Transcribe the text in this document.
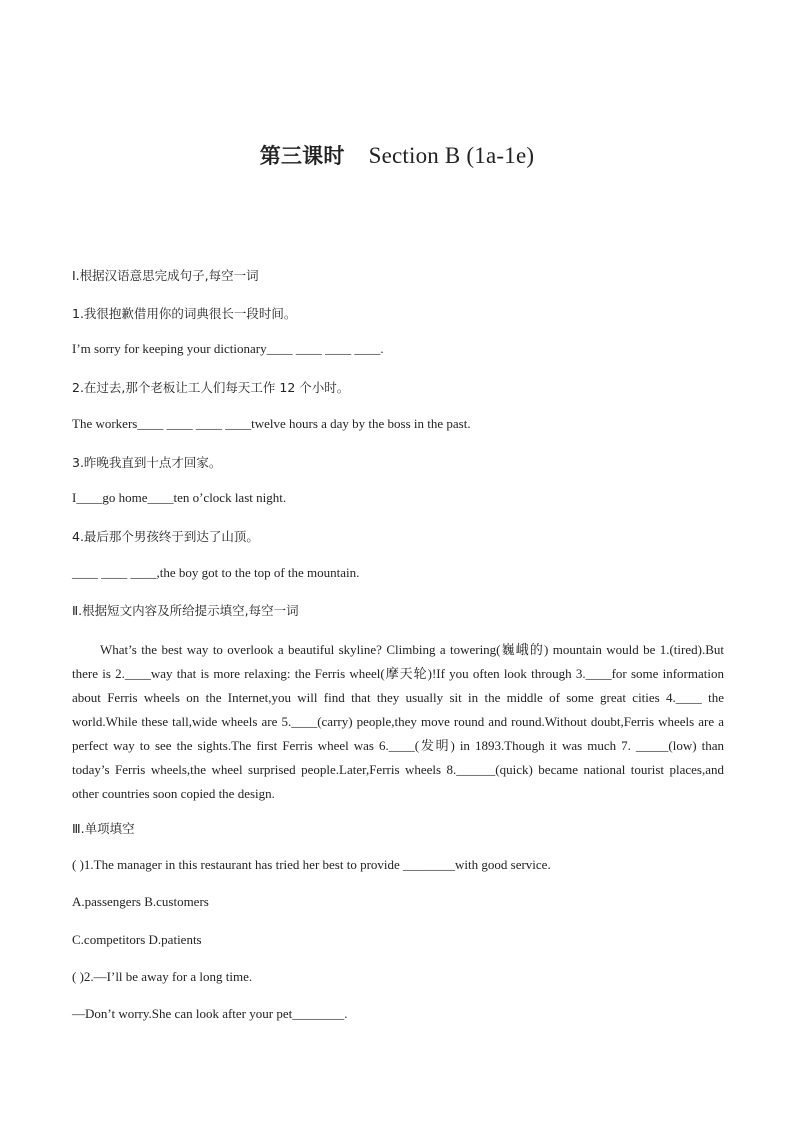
第三课时 Section B (1a-1e)
Ⅰ.根据汉语意思完成句子,每空一词
1.我很抱歉借用你的词典很长一段时间。
I’m sorry for keeping your dictionary____ ____ ____ ____.
2.在过去,那个老板让工人们每天工作 12 个小时。
The workers____ ____ ____ ____twelve hours a day by the boss in the past.
3.昨晚我直到十点才回家。
I____go home____ten o’clock last night.
4.最后那个男孩终于到达了山顶。
____ ____ ____,the boy got to the top of the mountain.
Ⅱ.根据短文内容及所给提示填空,每空一词
What’s the best way to overlook a beautiful skyline? Climbing a towering(巍峨的) mountain would be 1.(tired).But there is 2.____way that is more relaxing: the Ferris wheel(摩天轮)!If you often look through 3.____for some information about Ferris wheels on the Internet,you will find that they usually sit in the middle of some great cities 4.____ the world.While these tall,wide wheels are 5.____(carry) people,they move round and round.Without doubt,Ferris wheels are a perfect way to see the sights.The first Ferris wheel was 6.____(发明) in 1893.Though it was much 7. _____(low) than today’s Ferris wheels,the wheel surprised people.Later,Ferris wheels 8.______(quick) became national tourist places,and other countries soon copied the design.
Ⅲ.单项填空
( )1.The manager in this restaurant has tried her best to provide ________with good service.
A.passengers B.customers
C.competitors D.patients
( )2.—I’ll be away for a long time.
—Don’t worry.She can look after your pet________.
